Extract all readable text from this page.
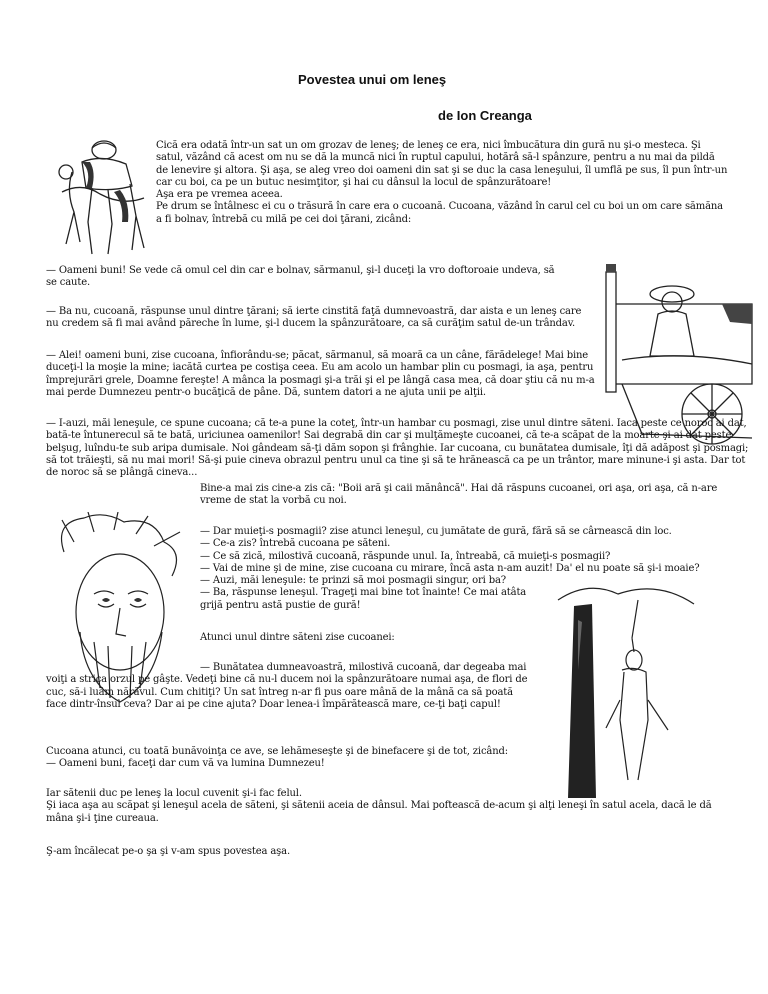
Povestea unui om leneş
de Ion Creanga

Cică era odată într-un sat un om grozav de leneş; de leneş ce era, nici îmbucătura din gură nu şi-o mestecа. Şi satul, văzând că acest om nu se dă la muncă nici în ruptul capului, hotărâ să-l spânzure, pentru a nu mai da pildă de lenevire şi altora. Şi aşa, se aleg vreo doi oameni din sat şi se duc la casa leneşului, îl umflă pe sus, îl pun într-un car cu boi, ca pe un butuc nesimţitor, şi hai cu dânsul la locul de spânzurătoare!

Aşa era pe vremea aceea.

Pe drum se întâlnesc ei cu o trăsură în care era o cucoană. Cucoana, văzând în carul cel cu boi un om care sămăna a fi bolnav, întrebă cu milă pe cei doi ţărani, zicând:

— Oameni buni! Se vede că omul cel din car e bolnav, sărmanul, şi-l duceţi la vro doftoroaie undeva, să se caute.
— Ba nu, cucoană, răspunse unul dintre ţărani; să ierte cinstită faţă dumnevoastră, dar aista e un leneş care nu credem să fi mai având păreche în lume, şi-l ducem la spânzurătoare, ca să curăţim satul de-un trândav.
— Alei! oameni buni, zise cucoana, înfiorându-se; păcat, sărmanul, să moară ca un câne, fărădelege! Mai bine duceţi-l la moşie la mine; iacătă curtea pe costişa ceea. Eu am acolo un hambar plin cu posmagi, ia aşa, pentru împrejurări grele, Doamne fereşte! A mânca la posmagi şi-a trăi şi el pe lângă casa mea, că doar ştiu că nu m-a mai perde Dumnezeu pentr-o bucăţică de pâne. Dă, suntem datori a ne ajuta unii pe alţii.
— I-auzi, măi leneşule, ce spune cucoana; că te-a pune la coteţ, într-un hambar cu posmagi, zise unul dintre săteni. Iaca peste ce noroc ai dat, bată-te întunerecul să te bată, uriciunea oamenilor! Sai degrabă din car şi mulţămeşte cucoanei, că te-a scăpat de la moarte şi-ai dat peste belşug, luîndu-te sub aripa dumisale. Noi gândeam să-ţi dăm sopon şi frânghie. Iar cucoana, cu bunătatea dumisale, îţi dă adăpost şi posmagi; să tot trăieşti, să nu mai mori! Să-şi puie cineva obrazul pentru unul ca tine şi să te hrănească ca pe un trântor, mare minune-i şi asta. Dar tot de noroc să se plângă cineva...
Bine-a mai zis cine-a zis că: "Boii ară şi caii mănâncă". Hai dă răspuns cucoanei, ori aşa, ori aşa, că n-are vreme de stat la vorbă cu noi.

— Dar muieţi-s posmagii? zise atunci leneşul, cu jumătate de gură, fără să se cârnească din loc.

— Ce-a zis? întrebă cucoana pe săteni.

— Ce să zică, milostivă cucoană, răspunde unul. Ia, întreabă, că muieţi-s posmagii?

— Vai de mine şi de mine, zise cucoana cu mirare, încă asta n-am auzit! Da' el nu poate să şi-i moaie?

— Auzi, măi leneşule: te prinzi să moi posmagii singur, ori ba?

— Ba, răspunse leneşul. Trageţi mai bine tot înainte! Ce mai atâta grijă pentru astă pustie de gură!

Atunci unul dintre săteni zise cucoanei:

— Bunătatea dumneavoastră, milostivă cucoană, dar degeaba mai voiţi a strica orzul pe gâşte. Vedeţi bine că nu-l ducem noi la spânzurătoare numai aşa, de flori de cuc, să-i luăm nărăvul. Cum chitiţi? Un sat întreg n-ar fi pus oare mână de la mână ca să poată face dintr-însul ceva? Dar ai pe cine ajuta? Doar lenea-i împărătească mare, ce-ţi baţi capul!

Cucoana atunci, cu toată bunăvoinţa ce ave, se lehămeseşte şi de binefacere şi de tot, zicând:

— Oameni buni, faceţi dar cum vă va lumina Dumnezeu!

Iar sătenii duc pe leneş la locul cuvenit şi-i fac felul.

Şi iaca aşa au scăpat şi leneşul acela de săteni, şi sătenii aceia de dânsul. Mai poftească de-acum şi alţi leneşi în satul acela, dacă le dă mâna şi-i ţine cureaua.

Ş-am încălecat pe-o şa şi v-am spus povestea aşa.
